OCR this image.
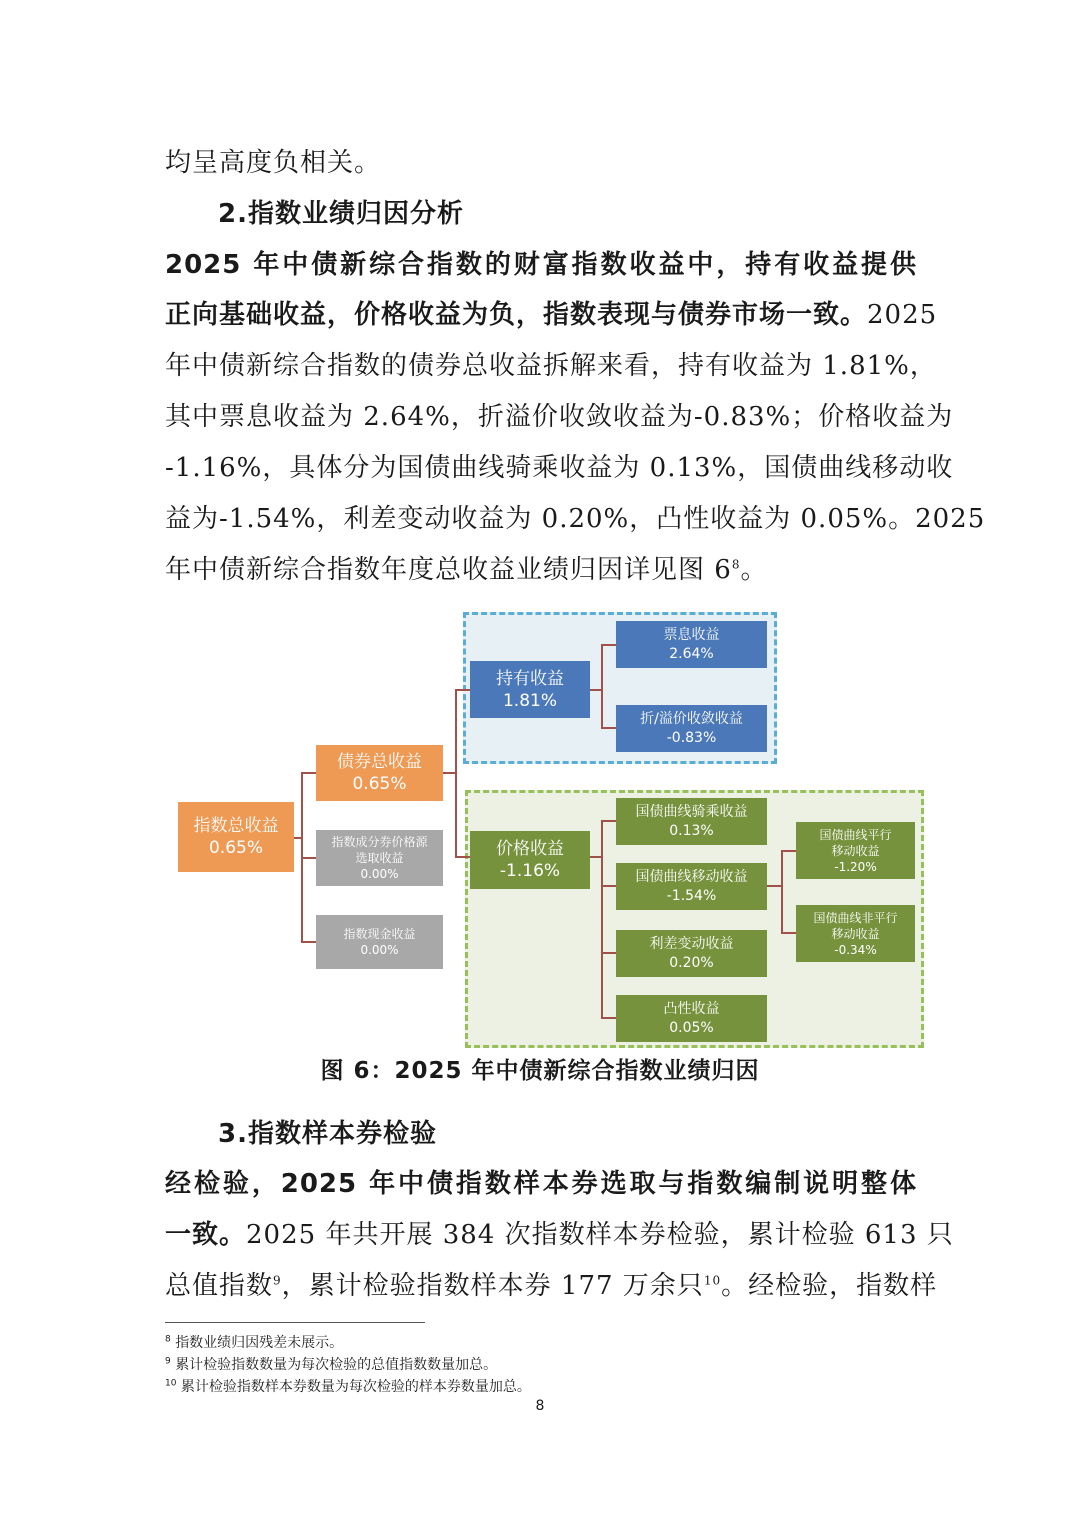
均呈高度负相关。
2.指数业绩归因分析
2025 年中债新综合指数的财富指数收益中，持有收益提供
正向基础收益，价格收益为负，指数表现与债券市场一致。2025
年中债新综合指数的债券总收益拆解来看，持有收益为 1.81%，
其中票息收益为 2.64%，折溢价收敛收益为-0.83%；价格收益为
-1.16%，具体分为国债曲线骑乘收益为 0.13%，国债曲线移动收
益为-1.54%，利差变动收益为 0.20%，凸性收益为 0.05%。2025
年中债新综合指数年度总收益业绩归因详见图 $6^8$。
指数总收益
0.65%
债券总收益
0.65%
指数成分券价格源
选取收益
0.00%
指数现金收益
0.00%
持有收益
1.81%
票息收益
2.64%
折/溢价收敛收益
-0.83%
价格收益
-1.16%
国债曲线骑乘收益
0.13%
国债曲线移动收益
-1.54%
利差变动收益
0.20%
凸性收益
0.05%
国债曲线平行
移动收益
-1.20%
国债曲线非平行
移动收益
-0.34%
图 6：2025 年中债新综合指数业绩归因
3.指数样本券检验
经检验，2025 年中债指数样本券选取与指数编制说明整体
一致。2025 年共开展 384 次指数样本券检验，累计检验 613 只
总值指数$^9$，累计检验指数样本券 177 万余只$^{10}$。经检验，指数样
$^8$ 指数业绩归因残差未展示。
$^9$ 累计检验指数数量为每次检验的总值指数数量加总。
$^{10}$ 累计检验指数样本券数量为每次检验的样本券数量加总。
8
